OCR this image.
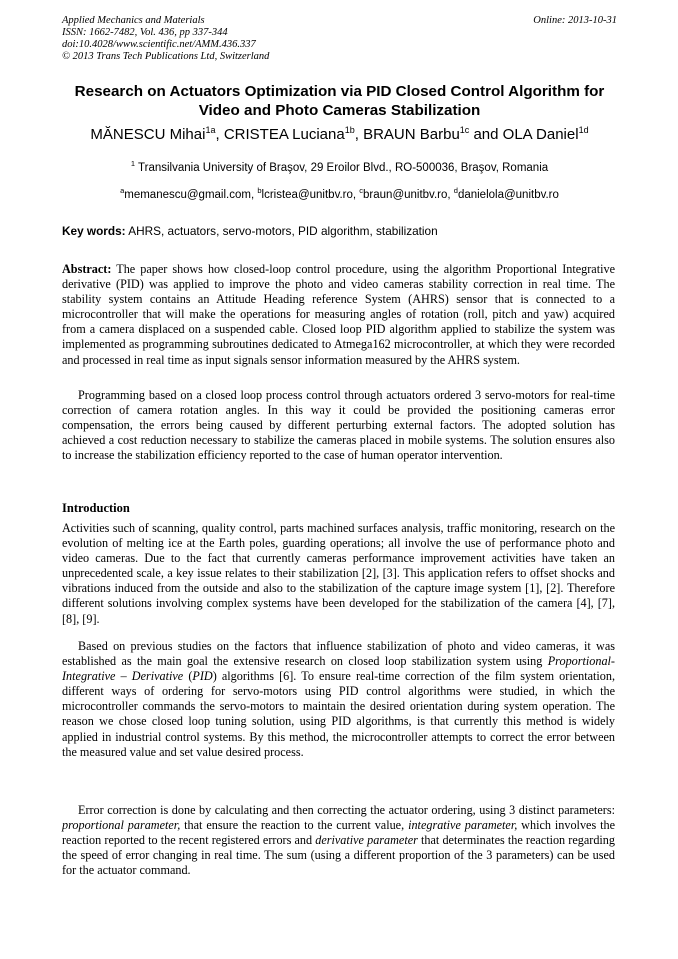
Applied Mechanics and Materials
ISSN: 1662-7482, Vol. 436, pp 337-344
doi:10.4028/www.scientific.net/AMM.436.337
© 2013 Trans Tech Publications Ltd, Switzerland
Online: 2013-10-31
Research on Actuators Optimization via PID Closed Control Algorithm for Video and Photo Cameras Stabilization
MĂNESCU Mihai$^{1a}$, CRISTEA Luciana$^{1b}$, BRAUN Barbu$^{1c}$ and OLA Daniel$^{1d}$
$^1$ Transilvania University of Braşov, 29 Eroilor Blvd., RO-500036, Braşov, Romania
$^a$memanescu@gmail.com, $^b$lcristea@unitbv.ro, $^c$braun@unitbv.ro, $^d$danielola@unitbv.ro
Key words: AHRS, actuators, servo-motors, PID algorithm, stabilization

Abstract: The paper shows how closed-loop control procedure, using the algorithm Proportional Integrative derivative (PID) was applied to improve the photo and video cameras stability correction in real time. The stability system contains an Attitude Heading reference System (AHRS) sensor that is connected to a microcontroller that will make the operations for measuring angles of rotation (roll, pitch and yaw) acquired from a camera displaced on a suspended cable. Closed loop PID algorithm applied to stabilize the system was implemented as programming subroutines dedicated to Atmega162 microcontroller, at which they were recorded and processed in real time as input signals sensor information measured by the AHRS system.

Programming based on a closed loop process control through actuators ordered 3 servo-motors for real-time correction of camera rotation angles. In this way it could be provided the positioning cameras error compensation, the errors being caused by different perturbing external factors. The adopted solution has achieved a cost reduction necessary to stabilize the cameras placed in mobile systems. The solution ensures also to increase the stabilization efficiency reported to the case of human operator intervention.

Introduction

Activities such of scanning, quality control, parts machined surfaces analysis, traffic monitoring, research on the evolution of melting ice at the Earth poles, guarding operations; all involve the use of performance photo and video cameras. Due to the fact that currently cameras performance improvement activities have taken an unprecedented scale, a key issue relates to their stabilization [2], [3]. This application refers to offset shocks and vibrations induced from the outside and also to the stabilization of the capture image system [1], [2]. Therefore different solutions involving complex systems have been developed for the stabilization of the camera [4], [7], [8], [9].

Based on previous studies on the factors that influence stabilization of photo and video cameras, it was established as the main goal the extensive research on closed loop stabilization system using Proportional-Integrative – Derivative (PID) algorithms [6]. To ensure real-time correction of the film system orientation, different ways of ordering for servo-motors using PID control algorithms were studied, in which the microcontroller commands the servo-motors to maintain the desired orientation during system operation. The reason we chose closed loop tuning solution, using PID algorithms, is that currently this method is widely applied in industrial control systems. By this method, the microcontroller attempts to correct the error between the measured value and set value desired process.

Error correction is done by calculating and then correcting the actuator ordering, using 3 distinct parameters: proportional parameter, that ensure the reaction to the current value, integrative parameter, which involves the reaction reported to the recent registered errors and derivative parameter that determinates the reaction regarding the speed of error changing in real time. The sum (using a different proportion of the 3 parameters) can be used for the actuator command.
